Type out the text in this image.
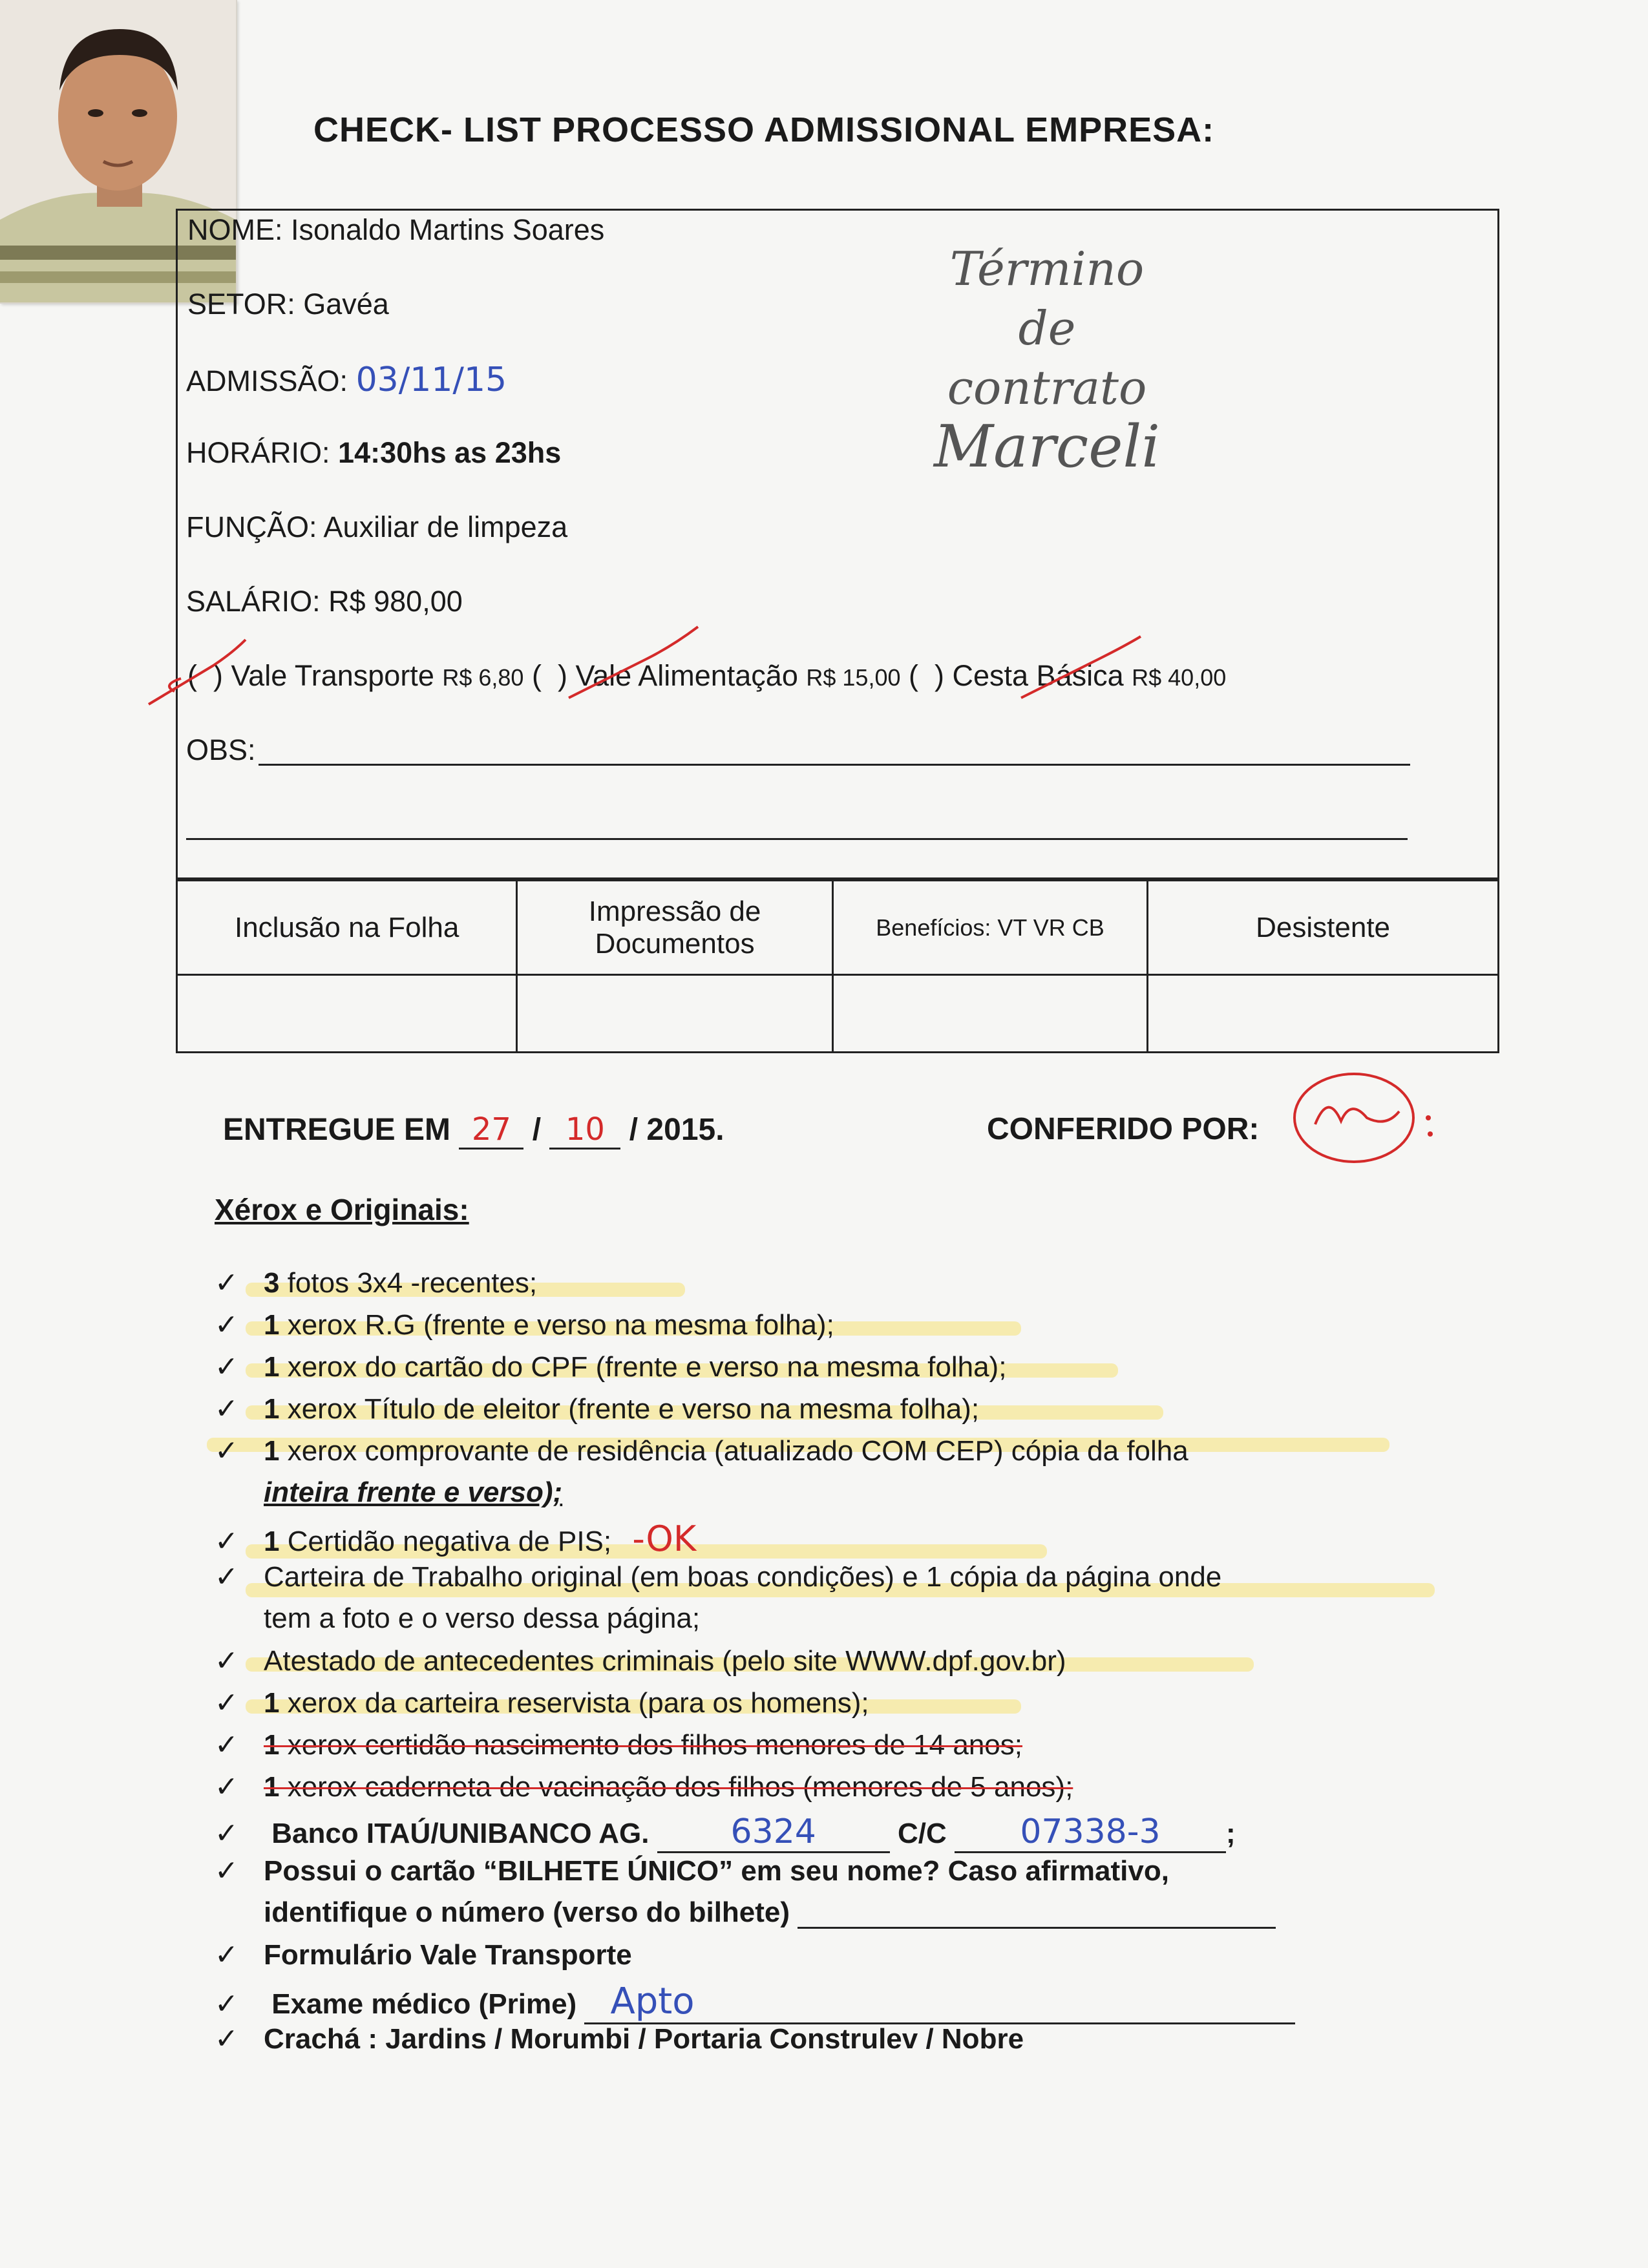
CHECK- LIST PROCESSO ADMISSIONAL EMPRESA:
NOME: Isonaldo Martins Soares
SETOR: Gavéa
ADMISSÃO: 03/11/15
HORÁRIO: 14:30hs as 23hs
FUNÇÃO: Auxiliar de limpeza
SALÁRIO: R$ 980,00
(  ) Vale Transporte R$ 6,80 (  ) Vale Alimentação R$ 15,00 (  ) Cesta Básica R$ 40,00
OBS:
Término
de
contrato
Marceli
Inclusão na Folha	Impressão de Documentos	Benefícios: VT VR CB	Desistente

ENTREGUE EM 27 / 10 / 2015.	CONFERIDO POR:
Xérox e Originais:
✓ 3 fotos 3x4 -recentes;
✓ 1 xerox R.G (frente e verso na mesma folha);
✓ 1 xerox do cartão do CPF (frente e verso na mesma folha);
✓ 1 xerox Título de eleitor (frente e verso na mesma folha);
✓ 1 xerox comprovante de residência (atualizado COM CEP) cópia da folha
inteira frente e verso);
✓ 1 Certidão negativa de PIS; -OK
✓ Carteira de Trabalho original (em boas condições) e 1 cópia da página onde
tem a foto e o verso dessa página;
✓ Atestado de antecedentes criminais (pelo site WWW.dpf.gov.br)
✓ 1 xerox da carteira reservista (para os homens);
✓ 1 xerox certidão nascimento dos filhos menores de 14 anos;
✓ 1 xerox caderneta de vacinação dos filhos (menores de 5 anos);
✓ Banco ITAÚ/UNIBANCO AG. 6324	C/C 07338-3 ;
✓ Possui o cartão “BILHETE ÚNICO” em seu nome? Caso afirmativo,
identifique o número (verso do bilhete)
✓ Formulário Vale Transporte
✓ Exame médico (Prime) Apto
✓ Crachá : Jardins / Morumbi / Portaria Construlev / Nobre
